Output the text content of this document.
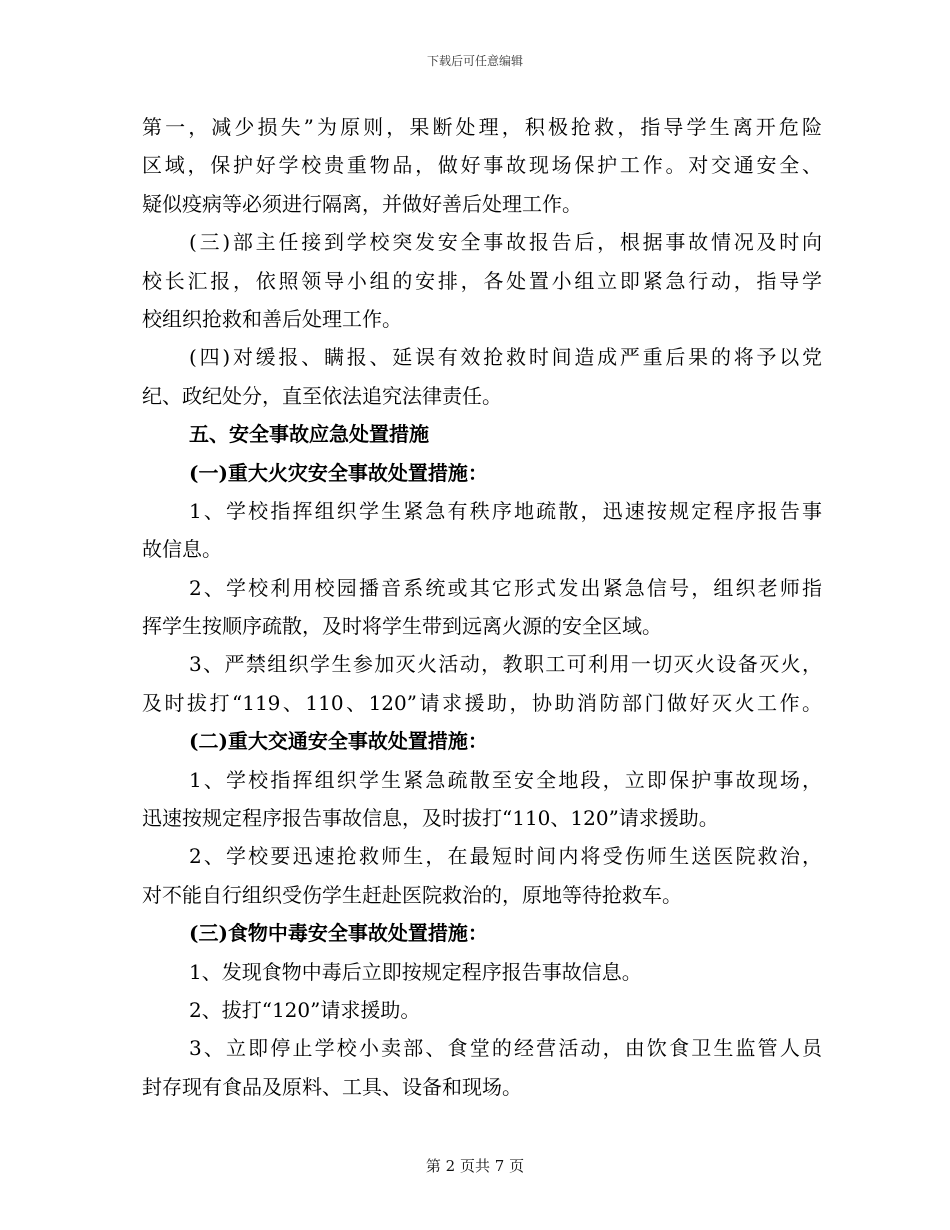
下载后可任意编辑
第一，减少损失”为原则，果断处理，积极抢救，指导学生离开危险
区域，保护好学校贵重物品，做好事故现场保护工作。对交通安全、
疑似疫病等必须进行隔离，并做好善后处理工作。
(三)部主任接到学校突发安全事故报告后，根据事故情况及时向
校长汇报，依照领导小组的安排，各处置小组立即紧急行动，指导学
校组织抢救和善后处理工作。
(四)对缓报、瞒报、延误有效抢救时间造成严重后果的将予以党
纪、政纪处分，直至依法追究法律责任。
五、安全事故应急处置措施
(一)重大火灾安全事故处置措施：
1、学校指挥组织学生紧急有秩序地疏散，迅速按规定程序报告事
故信息。
2、学校利用校园播音系统或其它形式发出紧急信号，组织老师指
挥学生按顺序疏散，及时将学生带到远离火源的安全区域。
3、严禁组织学生参加灭火活动，教职工可利用一切灭火设备灭火，
及时拔打“119、110、120”请求援助，协助消防部门做好灭火工作。
(二)重大交通安全事故处置措施：
1、学校指挥组织学生紧急疏散至安全地段，立即保护事故现场，
迅速按规定程序报告事故信息，及时拔打“110、120”请求援助。
2、学校要迅速抢救师生，在最短时间内将受伤师生送医院救治，
对不能自行组织受伤学生赶赴医院救治的，原地等待抢救车。
(三)食物中毒安全事故处置措施：
1、发现食物中毒后立即按规定程序报告事故信息。
2、拔打“120”请求援助。
3、立即停止学校小卖部、食堂的经营活动，由饮食卫生监管人员
封存现有食品及原料、工具、设备和现场。
第 2 页共 7 页
